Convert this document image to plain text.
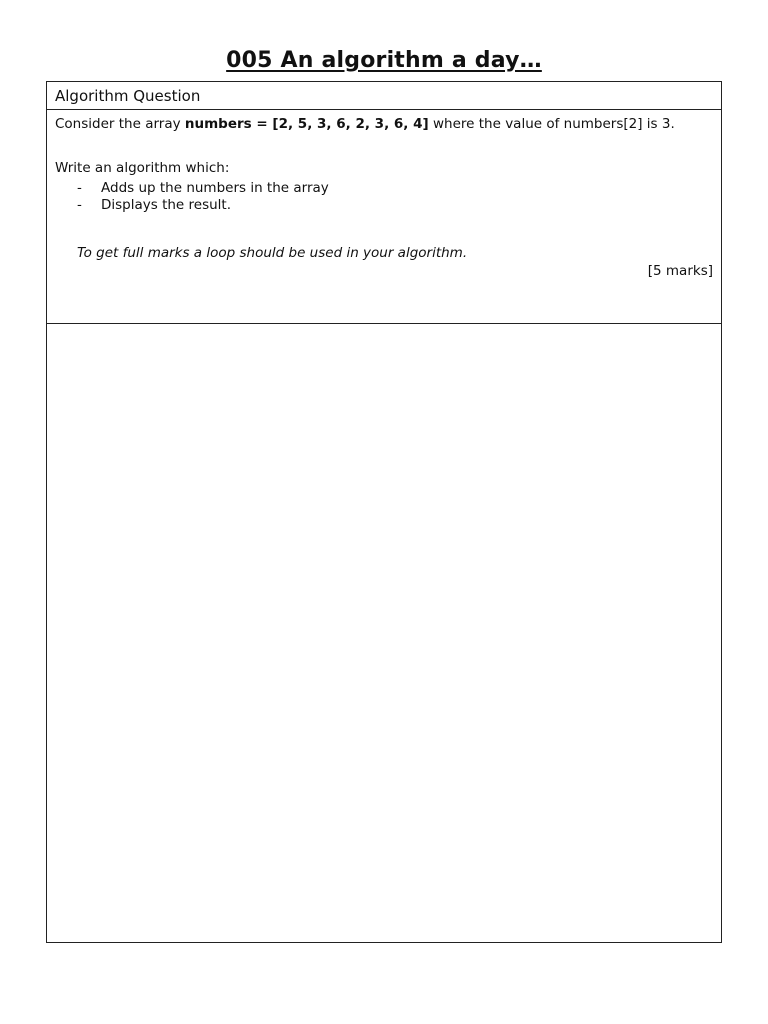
005 An algorithm a day…
Algorithm Question
Consider the array numbers = [2, 5, 3, 6, 2, 3, 6, 4] where the value of numbers[2] is 3.
Write an algorithm which:
- Adds up the numbers in the array
- Displays the result.
To get full marks a loop should be used in your algorithm.
[5 marks]
